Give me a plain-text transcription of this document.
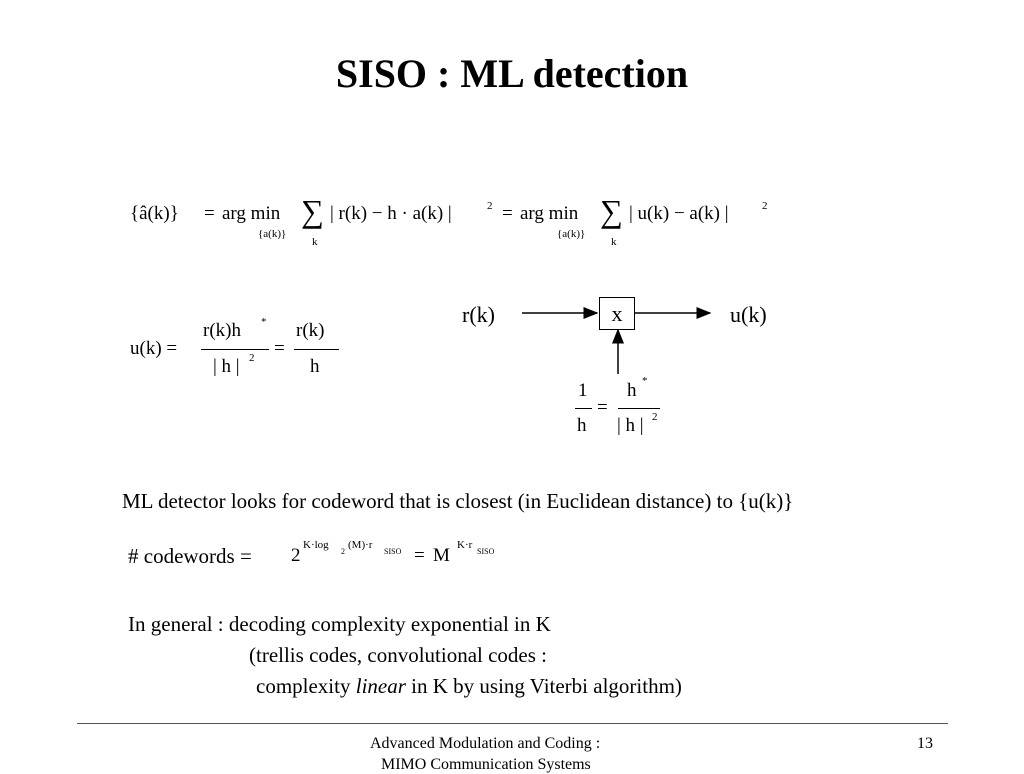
SISO : ML detection
{â(k)} = arg min
{a(k)}
∑
k
| r(k) − h · a(k) |	2 = arg min
{a(k)}
∑
k
| u(k) − a(k) |	2
u(k) =
r(k)h *
| h | 2 =
r(k)
h
r(k)	x	u(k)
1
h
=
h *
| h | 2
ML detector looks for codeword that is closest (in Euclidean distance) to {u(k)}
# codewords = 2 K·log
2
(M)·r
SISO = M K·r
SISO
In general : decoding complexity exponential in K
(trellis codes, convolutional codes :
complexity linear in K by using Viterbi algorithm)
Advanced Modulation and Coding :
MIMO Communication Systems
13
